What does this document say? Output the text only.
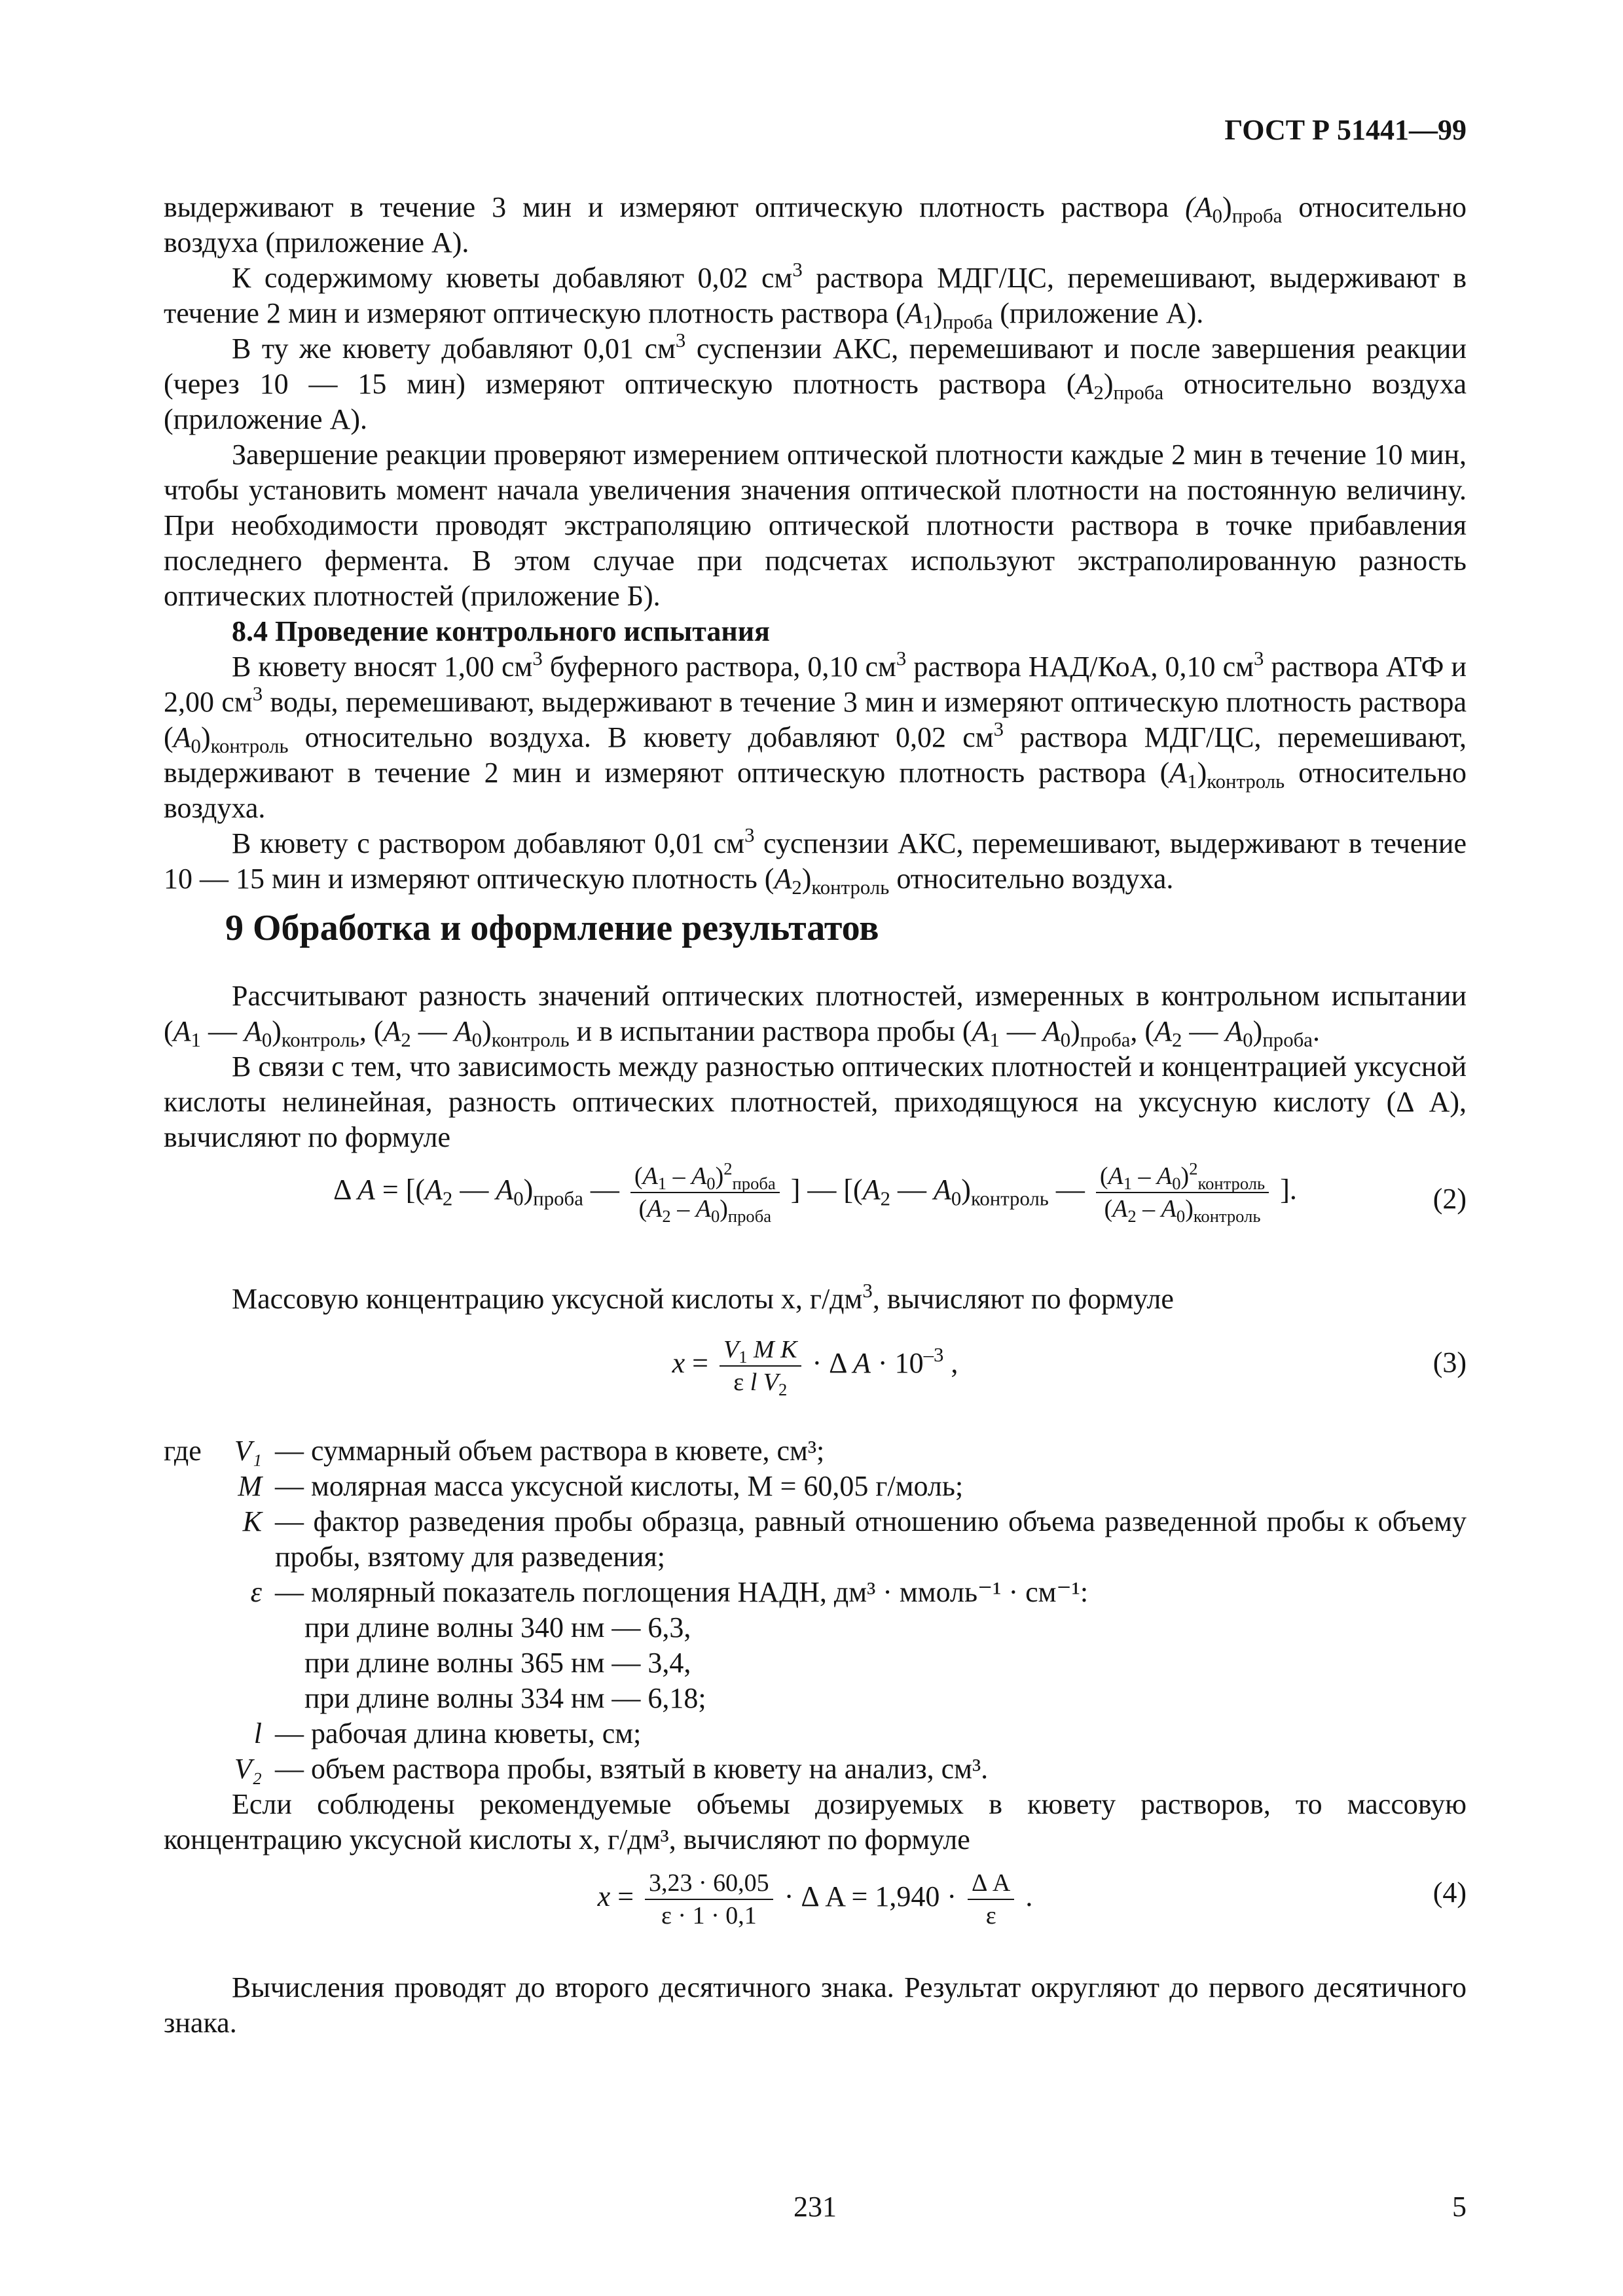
ГОСТ Р 51441—99

выдерживают в течение 3 мин и измеряют оптическую плотность раствора $(A_0)_{проба}$ относительно воздуха (приложение А).

К содержимому кюветы добавляют 0,02 $см^3$ раствора МДГ/ЦС, перемешивают, выдерживают в течение 2 мин и измеряют оптическую плотность раствора $(A_1)_{проба}$ (приложение А).

В ту же кювету добавляют 0,01 $см^3$ суспензии АКС, перемешивают и после завершения реакции (через 10 — 15 мин) измеряют оптическую плотность раствора $(A_2)_{проба}$ относительно воздуха (приложение А).

Завершение реакции проверяют измерением оптической плотности каждые 2 мин в течение 10 мин, чтобы установить момент начала увеличения значения оптической плотности на постоянную величину. При необходимости проводят экстраполяцию оптической плотности раствора в точке прибавления последнего фермента. В этом случае при подсчетах используют экстраполированную разность оптических плотностей (приложение Б).

8.4 Проведение контрольного испытания

В кювету вносят 1,00 $см^3$ буферного раствора, 0,10 $см^3$ раствора НАД/КоА, 0,10 $см^3$ раствора АТФ и 2,00 $см^3$ воды, перемешивают, выдерживают в течение 3 мин и измеряют оптическую плотность раствора $(A_0)_{контроль}$ относительно воздуха. В кювету добавляют 0,02 $см^3$ раствора МДГ/ЦС, перемешивают, выдерживают в течение 2 мин и измеряют оптическую плотность раствора $(A_1)_{контроль}$ относительно воздуха.

В кювету с раствором добавляют 0,01 $см^3$ суспензии АКС, перемешивают, выдерживают в течение 10 — 15 мин и измеряют оптическую плотность $(A_2)_{контроль}$ относительно воздуха.

9 Обработка и оформление результатов

Рассчитывают разность значений оптических плотностей, измеренных в контрольном испытании ($A_1$ — $A_0)_{контроль}$, ($A_2$ — $A_0)_{контроль}$ и в испытании раствора пробы ($A_1$ — $A_0)_{проба}$, ($A_2$ — $A_0)_{проба}$.

В связи с тем, что зависимость между разностью оптических плотностей и концентрацией уксусной кислоты нелинейная, разность оптических плотностей, приходящуюся на уксусную кислоту (Δ A), вычисляют по формуле

Δ $A = [(A_2$ — $A_0)_{проба}$ — $\frac{(A_1 - A_0)^2_{проба}}{(A_2 - A_0)_{проба}}$ ] — [($A_2$ — $A_0)_{контроль}$ — $\frac{(A_1 - A_0)^2_{контроль}}{(A_2 - A_0)_{контроль}}$ ].	(2)

Массовую концентрацию уксусной кислоты x, $г/дм^3$, вычисляют по формуле

$x = \frac{V_1 M K}{\varepsilon l V_2} \cdot \Delta$ $A \cdot 10^{-3}$ ,	(3)
где	V₁ — суммарный объем раствора в кювете, см³;
M — молярная масса уксусной кислоты, M = 60,05 г/моль;
K — фактор разведения пробы образца, равный отношению объема разведенной пробы к объему пробы, взятому для разведения;
ε — молярный показатель поглощения НАДН, дм³ · ммоль⁻¹ · см⁻¹:
при длине волны 340 нм — 6,3,
при длине волны 365 нм — 3,4,
при длине волны 334 нм — 6,18;
l — рабочая длина кюветы, см;
V₂ — объем раствора пробы, взятый в кювету на анализ, см³.

Если соблюдены рекомендуемые объемы дозируемых в кювету растворов, то массовую концентрацию уксусной кислоты x, г/дм³, вычисляют по формуле

$x = \frac{3,23 \cdot 60,05}{\varepsilon \cdot 1 \cdot 0,1} \cdot \Delta$ $A = 1,940 \cdot \frac{\text{Δ A}}{\varepsilon}$ .	(4)

Вычисления проводят до второго десятичного знака. Результат округляют до первого десятичного знака.

231	5
